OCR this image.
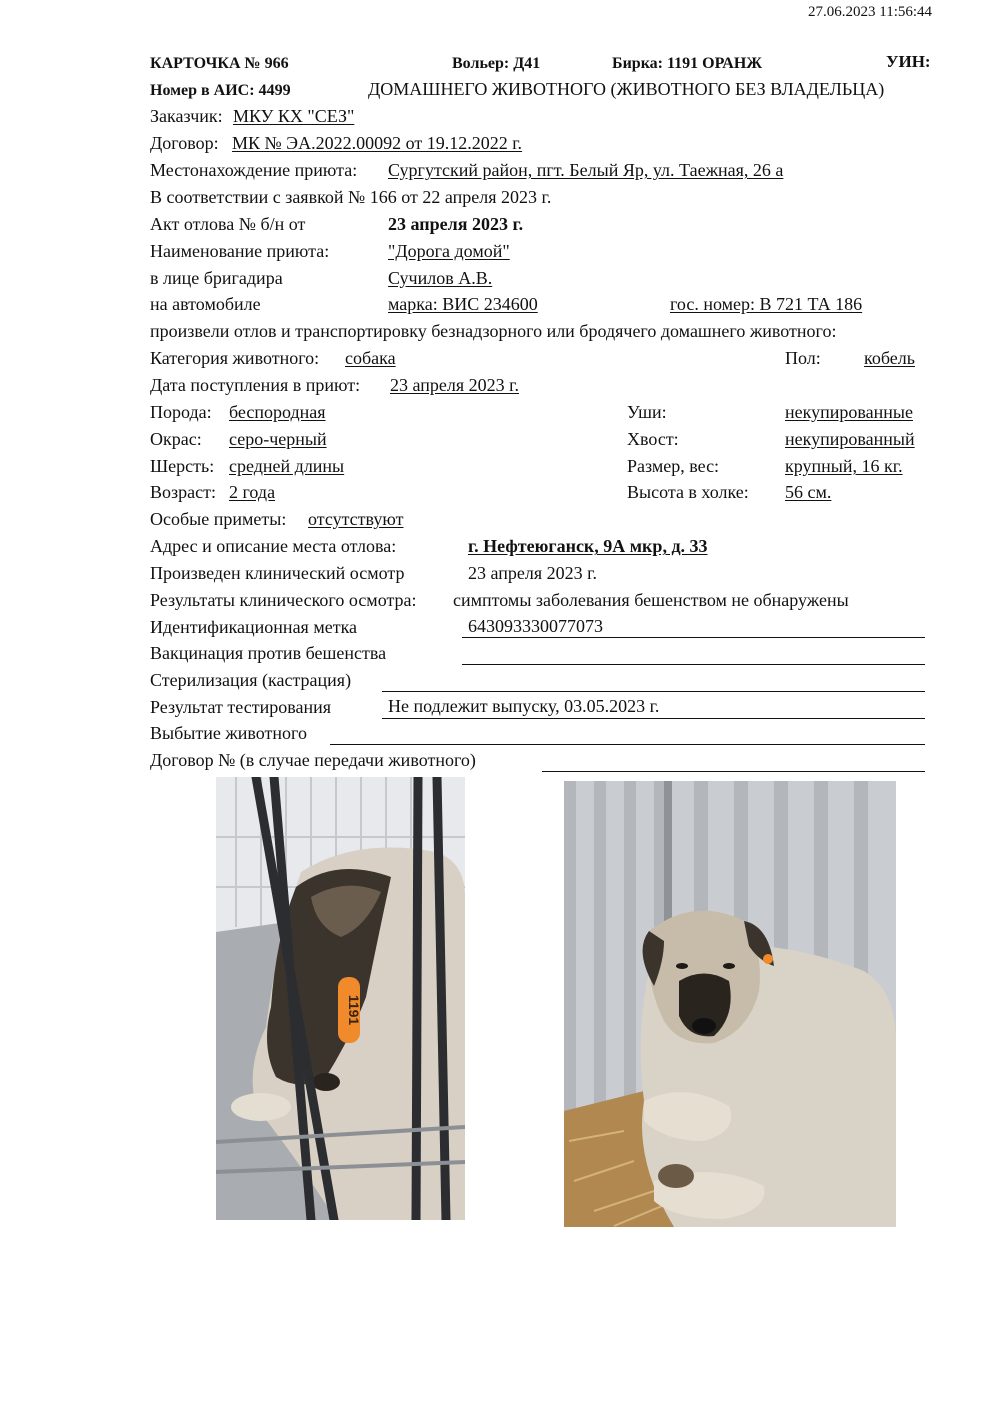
27.06.2023 11:56:44
КАРТОЧКА № 966	Вольер: Д41	Бирка: 1191 ОРАНЖ	УИН:
Номер в АИС: 4499	ДОМАШНЕГО ЖИВОТНОГО (ЖИВОТНОГО БЕЗ ВЛАДЕЛЬЦА)
Заказчик: МКУ КХ "СЕЗ"
Договор: МК № ЭА.2022.00092 от 19.12.2022 г.
Местонахождение приюта: Сургутский район, пгт. Белый Яр, ул. Таежная, 26 а
В соответствии с заявкой № 166 от 22 апреля 2023 г.
Акт отлова № б/н от	23 апреля 2023 г.
Наименование приюта:	"Дорога домой"
в лице бригадира	Сучилов А.В.
на автомобиле	марка: ВИС 234600	гос. номер: В 721 ТА 186
произвели отлов и транспортировку безнадзорного или бродячего домашнего животного:
Категория животного: собака	Пол: кобель
Дата поступления в приют: 23 апреля 2023 г.
Порода: беспородная	Уши:	некупированные
Окрас: серо-черный	Хвост:	некупированный
Шерсть: средней длины	Размер, вес:	крупный, 16 кг.
Возраст: 2 года	Высота в холке: 56 см.
Особые приметы: отсутствуют
Адрес и описание места отлова:	г. Нефтеюганск, 9А мкр, д. 33
Произведен клинический осмотр	23 апреля 2023 г.
Результаты клинического осмотра: симптомы заболевания бешенством не обнаружены
Идентификационная метка	643093330077073
Вакцинация против бешенства
Стерилизация (кастрация)
Результат тестирования	Не подлежит выпуску, 03.05.2023 г.
Выбытие животного
Договор № (в случае передачи животного)
1191
